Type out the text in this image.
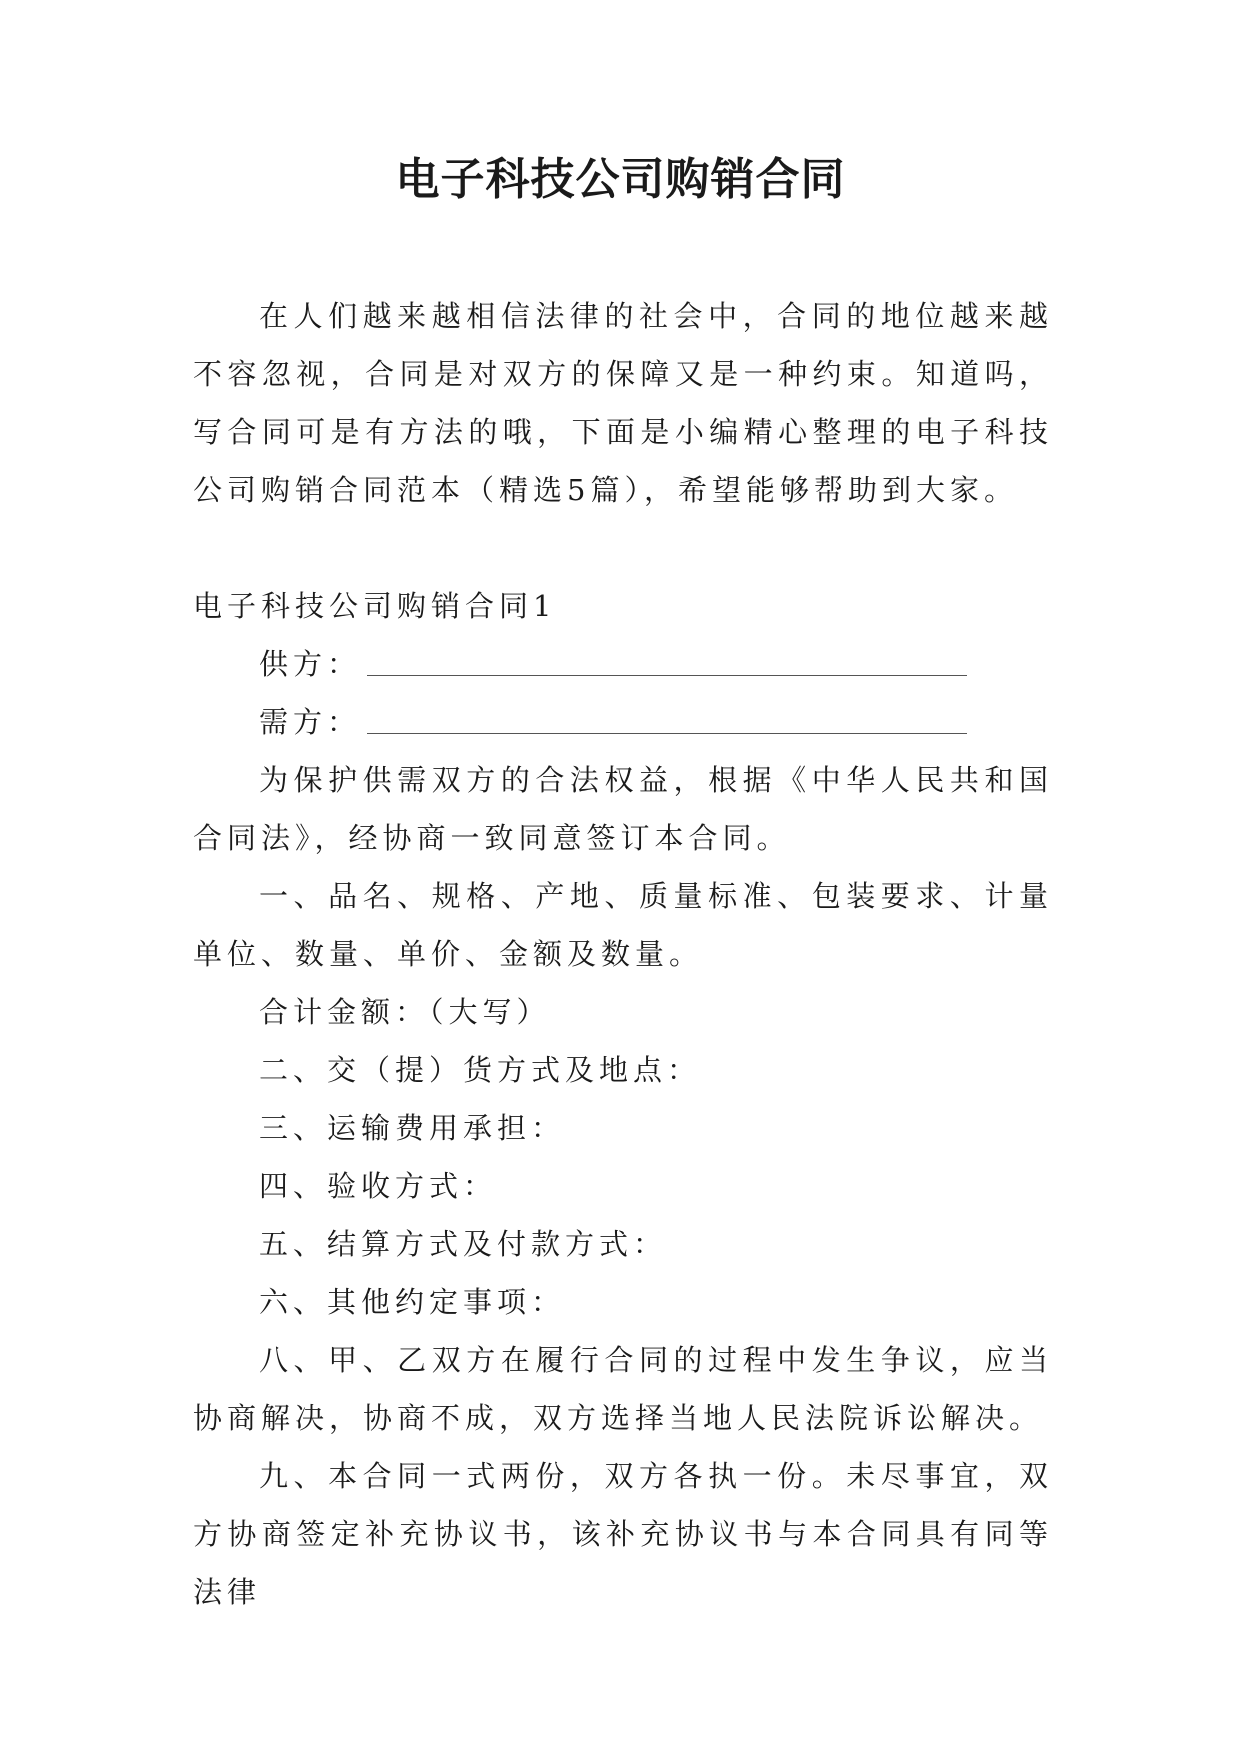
电子科技公司购销合同

在人们越来越相信法律的社会中，合同的地位越来越不容忽视，合同是对双方的保障又是一种约束。知道吗，写合同可是有方法的哦，下面是小编精心整理的电子科技公司购销合同范本（精选5篇），希望能够帮助到大家。

电子科技公司购销合同1

供方：

需方：

为保护供需双方的合法权益，根据《中华人民共和国合同法》，经协商一致同意签订本合同。

一、品名、规格、产地、质量标准、包装要求、计量单位、数量、单价、金额及数量。

合计金额：（大写）

二、交（提）货方式及地点：

三、运输费用承担：

四、验收方式：

五、结算方式及付款方式：

六、其他约定事项：

八、甲、乙双方在履行合同的过程中发生争议，应当协商解决，协商不成，双方选择当地人民法院诉讼解决。

九、本合同一式两份，双方各执一份。未尽事宜，双方协商签定补充协议书，该补充协议书与本合同具有同等法律
